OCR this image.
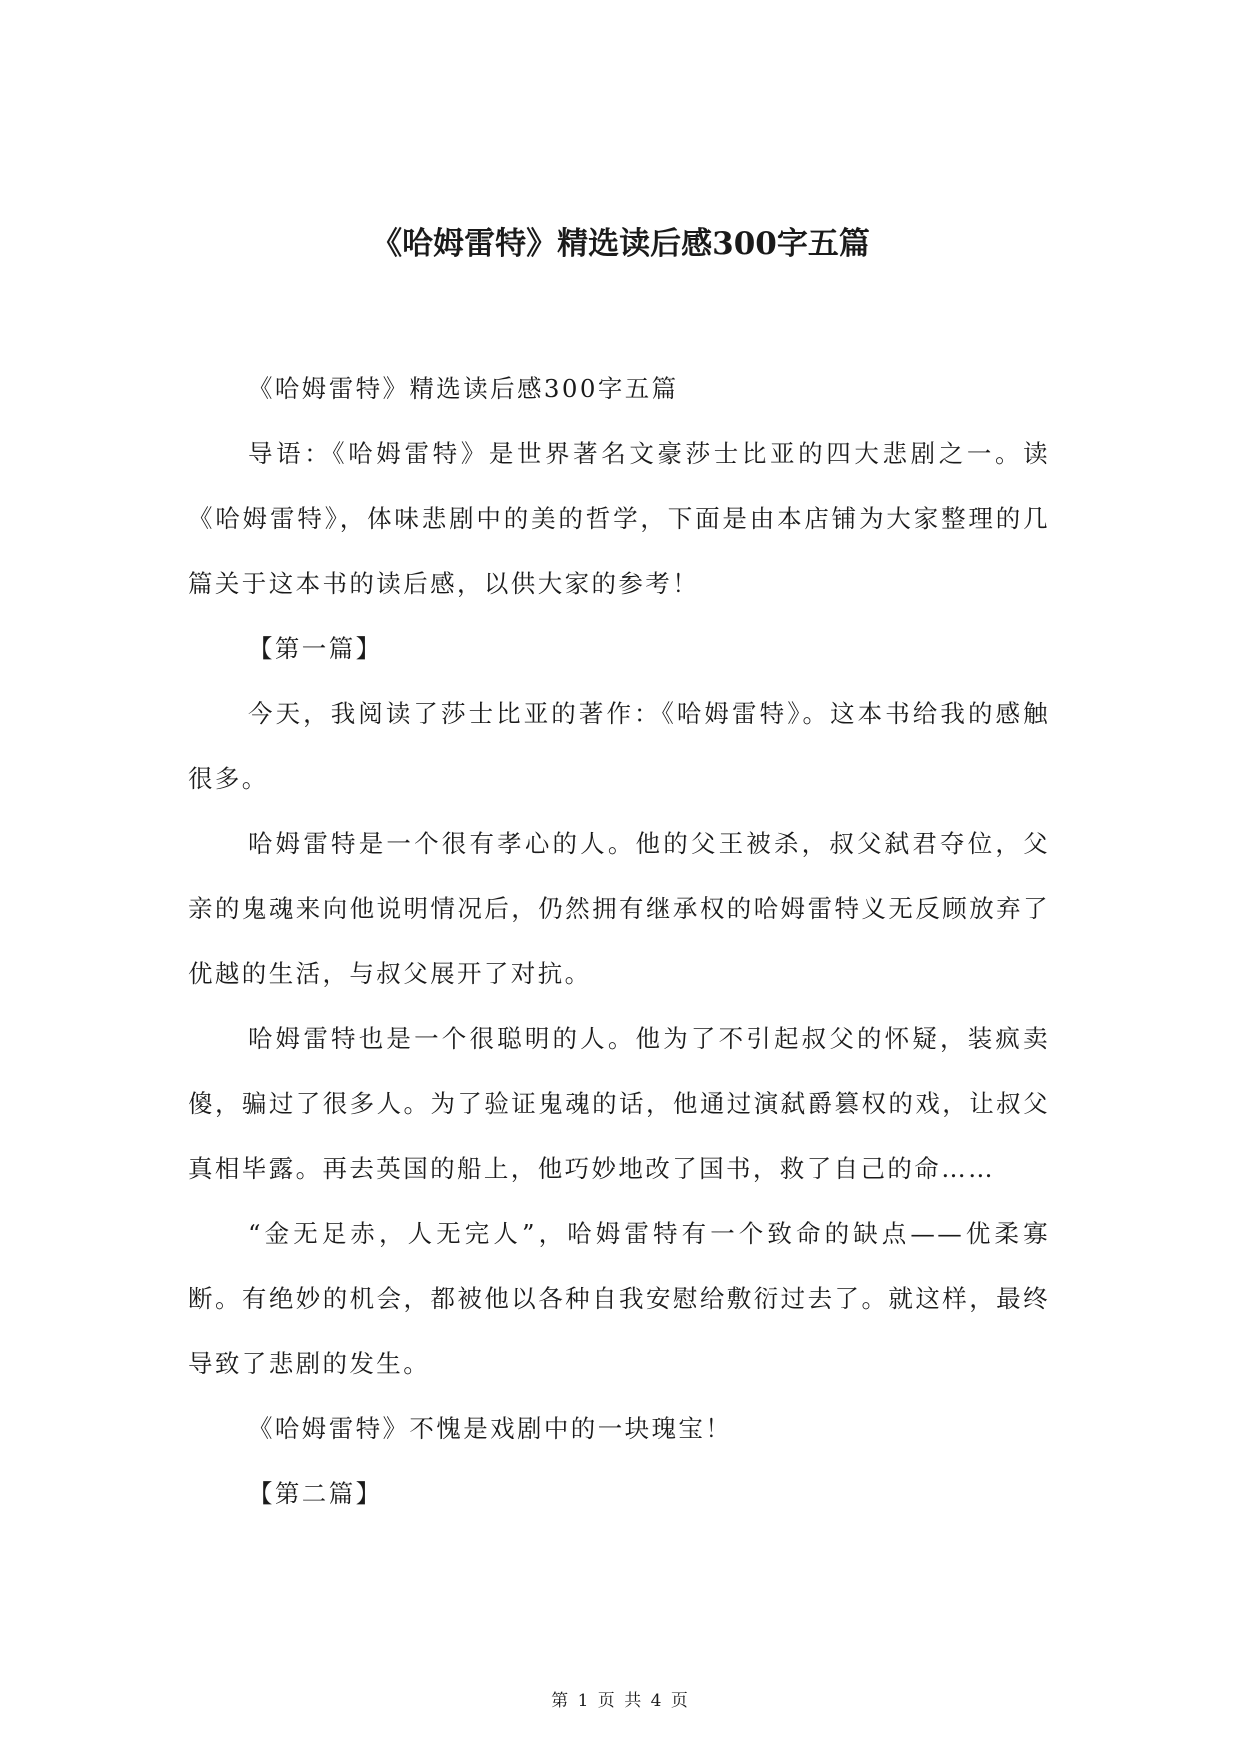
《哈姆雷特》精选读后感300字五篇

《哈姆雷特》精选读后感300字五篇

导语：《哈姆雷特》是世界著名文豪莎士比亚的四大悲剧之一。读《哈姆雷特》，体味悲剧中的美的哲学，下面是由本店铺为大家整理的几篇关于这本书的读后感，以供大家的参考！

【第一篇】

今天，我阅读了莎士比亚的著作：《哈姆雷特》。这本书给我的感触很多。

哈姆雷特是一个很有孝心的人。他的父王被杀，叔父弑君夺位，父亲的鬼魂来向他说明情况后，仍然拥有继承权的哈姆雷特义无反顾放弃了优越的生活，与叔父展开了对抗。

哈姆雷特也是一个很聪明的人。他为了不引起叔父的怀疑，装疯卖傻，骗过了很多人。为了验证鬼魂的话，他通过演弑爵篡权的戏，让叔父真相毕露。再去英国的船上，他巧妙地改了国书，救了自己的命……

“金无足赤，人无完人”，哈姆雷特有一个致命的缺点——优柔寡断。有绝妙的机会，都被他以各种自我安慰给敷衍过去了。就这样，最终导致了悲剧的发生。

《哈姆雷特》不愧是戏剧中的一块瑰宝！

【第二篇】

第 1 页 共 4 页
